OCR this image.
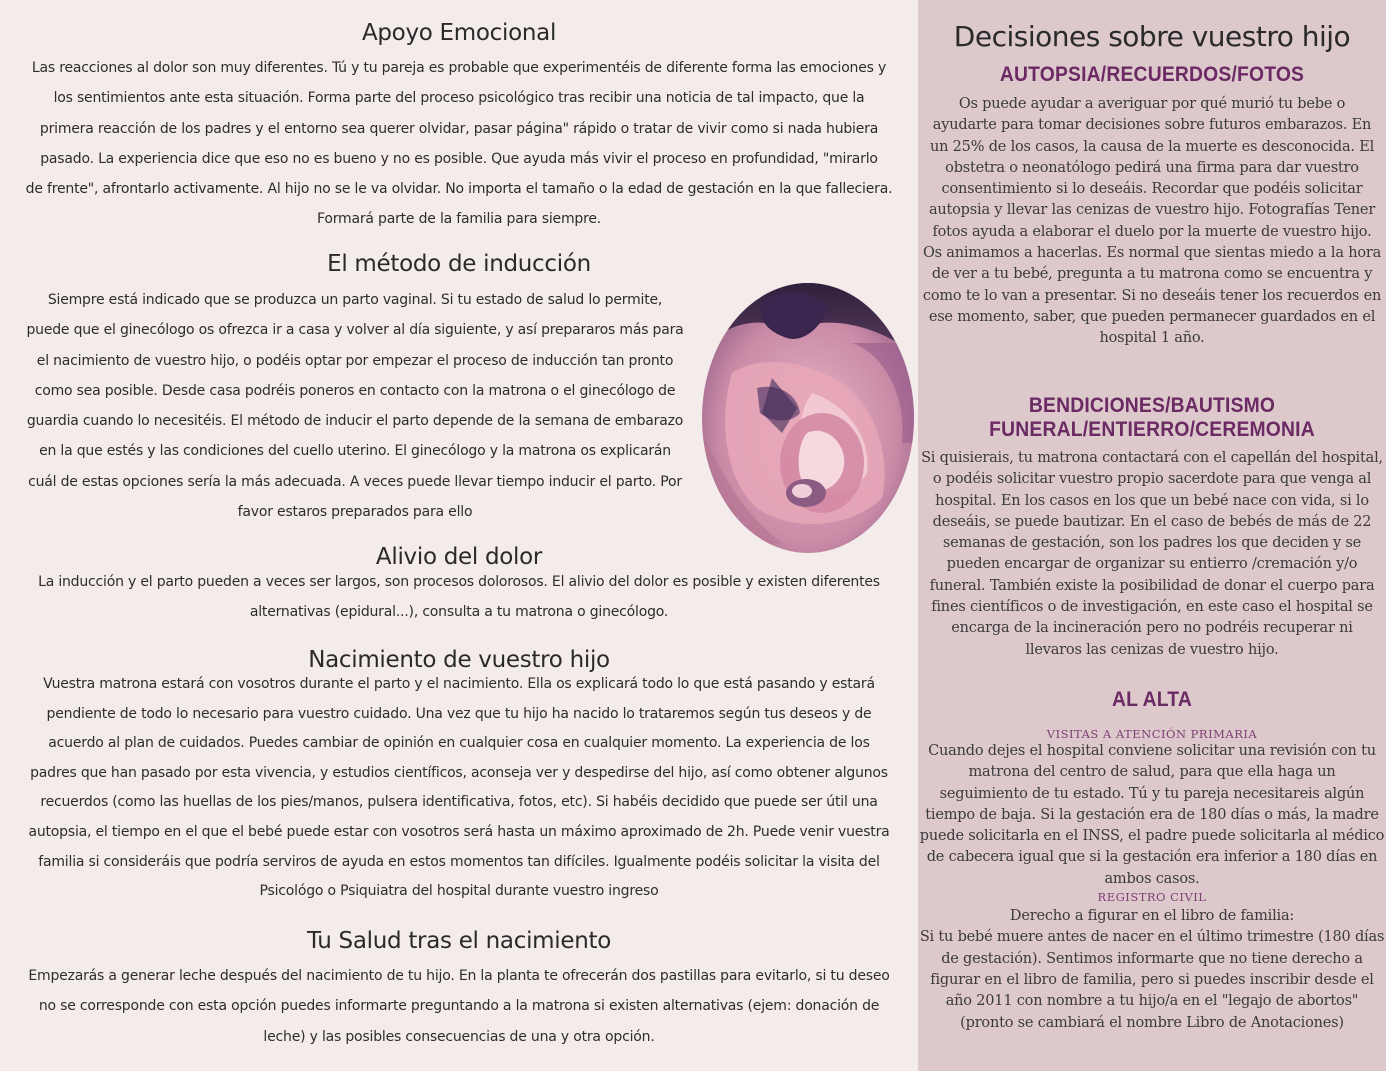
Apoyo Emocional

Las reacciones al dolor son muy diferentes. Tú y tu pareja es probable que experimentéis de diferente forma las emociones y

los sentimientos ante esta situación. Forma parte del proceso psicológico tras recibir una noticia de tal impacto, que la

primera reacción de los padres y el entorno sea querer olvidar, pasar página" rápido o tratar de vivir como si nada hubiera

pasado. La experiencia dice que eso no es bueno y no es posible. Que ayuda más vivir el proceso en profundidad, "mirarlo

de frente", afrontarlo activamente. Al hijo no se le va olvidar. No importa el tamaño o la edad de gestación en la que falleciera.

Formará parte de la familia para siempre.

El método de inducción

Siempre está indicado que se produzca un parto vaginal. Si tu estado de salud lo permite,

puede que el ginecólogo os ofrezca ir a casa y volver al día siguiente, y así prepararos más para

el nacimiento de vuestro hijo, o podéis optar por empezar el proceso de inducción tan pronto

como sea posible. Desde casa podréis poneros en contacto con la matrona o el ginecólogo de

guardia cuando lo necesitéis. El método de inducir el parto depende de la semana de embarazo

en la que estés y las condiciones del cuello uterino. El ginecólogo y la matrona os explicarán

cuál de estas opciones sería la más adecuada. A veces puede llevar tiempo inducir el parto. Por

favor estaros preparados para ello

Alivio del dolor

La inducción y el parto pueden a veces ser largos, son procesos dolorosos. El alivio del dolor es posible y existen diferentes

alternativas (epidural...), consulta a tu matrona o ginecólogo.

Nacimiento de vuestro hijo

Vuestra matrona estará con vosotros durante el parto y el nacimiento. Ella os explicará todo lo que está pasando y estará

pendiente de todo lo necesario para vuestro cuidado. Una vez que tu hijo ha nacido lo trataremos según tus deseos y de

acuerdo al plan de cuidados. Puedes cambiar de opinión en cualquier cosa en cualquier momento. La experiencia de los

padres que han pasado por esta vivencia, y estudios científicos, aconseja ver y despedirse del hijo, así como obtener algunos

recuerdos (como las huellas de los pies/manos, pulsera identificativa, fotos, etc). Si habéis decidido que puede ser útil una

autopsia, el tiempo en el que el bebé puede estar con vosotros será hasta un máximo aproximado de 2h. Puede venir vuestra

familia si consideráis que podría serviros de ayuda en estos momentos tan difíciles. Igualmente podéis solicitar la visita del

Psicológo o Psiquiatra del hospital durante vuestro ingreso

Tu Salud tras el nacimiento

Empezarás a generar leche después del nacimiento de tu hijo. En la planta te ofrecerán dos pastillas para evitarlo, si tu deseo

no se corresponde con esta opción puedes informarte preguntando a la matrona si existen alternativas (ejem: donación de

leche) y las posibles consecuencias de una y otra opción.

Decisiones sobre vuestro hijo
AUTOPSIA/RECUERDOS/FOTOS

Os puede ayudar a averiguar por qué murió tu bebe o

ayudarte para tomar decisiones sobre futuros embarazos. En

un 25% de los casos, la causa de la muerte es desconocida. El

obstetra o neonatólogo pedirá una firma para dar vuestro

consentimiento si lo deseáis. Recordar que podéis solicitar

autopsia y llevar las cenizas de vuestro hijo. Fotografías Tener

fotos ayuda a elaborar el duelo por la muerte de vuestro hijo.

Os animamos a hacerlas. Es normal que sientas miedo a la hora

de ver a tu bebé, pregunta a tu matrona como se encuentra y

como te lo van a presentar. Si no deseáis tener los recuerdos en

ese momento, saber, que pueden permanecer guardados en el

hospital 1 año.

BENDICIONES/BAUTISMO
FUNERAL/ENTIERRO/CEREMONIA

Si quisierais, tu matrona contactará con el capellán del hospital,

o podéis solicitar vuestro propio sacerdote para que venga al

hospital. En los casos en los que un bebé nace con vida, si lo

deseáis, se puede bautizar. En el caso de bebés de más de 22

semanas de gestación, son los padres los que deciden y se

pueden encargar de organizar su entierro /cremación y/o

funeral. También existe la posibilidad de donar el cuerpo para

fines científicos o de investigación, en este caso el hospital se

encarga de la incineración pero no podréis recuperar ni

llevaros las cenizas de vuestro hijo.

AL ALTA
VISITAS A ATENCIÓN PRIMARIA

Cuando dejes el hospital conviene solicitar una revisión con tu

matrona del centro de salud, para que ella haga un

seguimiento de tu estado. Tú y tu pareja necesitareis algún

tiempo de baja. Si la gestación era de 180 días o más, la madre

puede solicitarla en el INSS, el padre puede solicitarla al médico

de cabecera igual que si la gestación era inferior a 180 días en

ambos casos.

REGISTRO CIVIL

Derecho a figurar en el libro de familia:

Si tu bebé muere antes de nacer en el último trimestre (180 días

de gestación). Sentimos informarte que no tiene derecho a

figurar en el libro de familia, pero si puedes inscribir desde el

año 2011 con nombre a tu hijo/a en el "legajo de abortos"

(pronto se cambiará el nombre Libro de Anotaciones)
